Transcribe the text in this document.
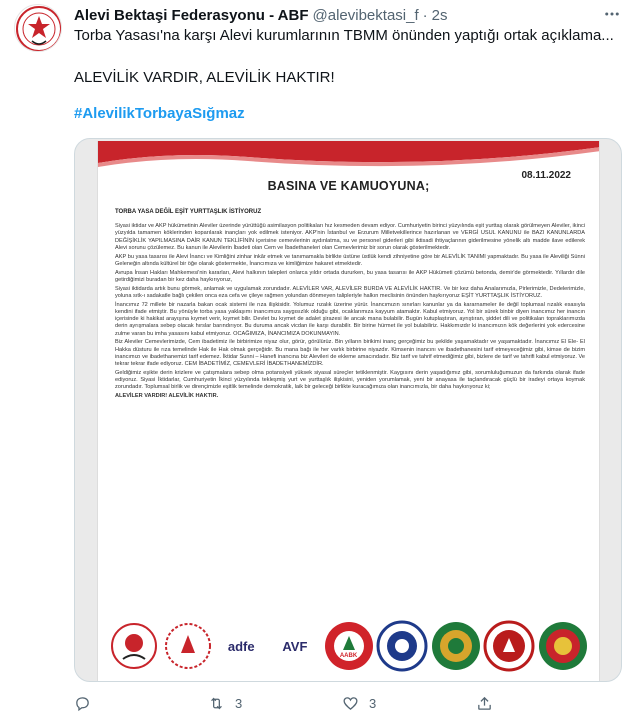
Alevi Bektaşi Federasyonu - ABF @alevibektasi_f · 2s
Torba Yasası'na karşı Alevi kurumlarının TBMM önünden yaptığı ortak açıklama...
ALEVİLİK VARDIR, ALEVİLİK HAKTIR!
#AlevilikTorbayaSığmaz
08.11.2022
BASINA VE KAMUOYUNA;
TORBA YASA DEĞİL EŞİT YURTTAŞLIK İSTİYORUZ

Siyasi iktidar ve AKP hükümetinin Aleviler üzerinde yürüttüğü asimilasyon politikaları hız kesmeden devam ediyor. Cumhuriyetin birinci yüzyılında eşit yurttaş olarak görülmeyen Aleviler, ikinci yüzyılda tamamen köklerinden koparılarak inançları yok edilmek isteniyor. AKP'nin İstanbul ve Erzurum Milletvekillerince hazırlanan ve VERGİ USUL KANUNU ile BAZI KANUNLARDA DEĞİŞİKLİK YAPILMASINA DAİR KANUN TEKLİFİNİN içerisine cemevlerinin aydınlatma, su ve personel giderleri gibi iktisadi ihtiyaçlarının giderilmesine yönelik altı madde ilave edilerek Alevi sorunu çözülemez. Bu kanun ile Alevilerin İbadeti olan Cem ve İbadethaneleri olan Cemevlerimiz bir sorun olarak gösterilmektedir.

AKP bu yasa tasarısı ile Alevi İnancı ve Kimliğini zinhar inkâr etmek ve tanımamakla birlikte üstüne üstlük kendi zihniyetine göre bir ALEVİLİK TANIMI yapmaktadır. Bu yasa ile Aleviliği Sünni Geleneğin altında kültürel bir öğe olarak göstermekte, İnancımıza ve kimliğimize hakaret etmektedir.

Avrupa İnsan Hakları Mahkemesi'nin kararları, Alevi halkının talepleri onlarca yıldır ortada dururken, bu yasa tasarısı ile AKP Hükümeti çözümü betonda, demir'de görmektedir. Yıllardır dile getirdiğimizi buradan bir kez daha haykırıyoruz,

Siyasi iktidarda artık bunu görmek, anlamak ve uygulamak zorundadır. ALEVİLER VAR, ALEVİLER BURDA VE ALEVİLİK HAKTIR. Ve bir kez daha Analarımızla, Pirlerimizle, Dedelerimizle, yoluna sıtk-ı sadakatle bağlı çekilen onca eza cefa ve çileye rağmen yolundan dönmeyen talipleriyle halkın meclisinin önünden haykırıyoruz EŞİT YURTTAŞLIK İSTİYORUZ.

İnancımız 72 millete bir nazarla bakan ocak sistemi ile rıza ilişkisidir. Yolumuz rızalık üzerine yürür. İnancımızın sınırları kanunlar ya da kararnameler ile değil toplumsal rızalık esasıyla kendini ifade etmiştir. Bu yönüyle torba yasa yaklaşımı inancımıza saygısızlık olduğu gibi, ocaklarımıza kayyum atamaktır. Kabul etmiyoruz. Yol bir sürek binbir diyen inancımız her inancın içerisinde ki hakikat arayışına kıymet verir, kıymet bilir. Devlet bu kıymet de adalet şirazesi ile ancak mana bulabilir. Bugün kutuplaştıran, ayrıştıran, şiddet dili ve politikaları topraklarımızda derin ayrışmalara sebep olacak hırslar barındırıyor. Bu duruma ancak vicdan ile karşı durabilir. Bir birine hürmet ile yol bulabiliriz. Hakkımızdır ki inancımızın kök değerlerini yok edercesine zulme varan bu imha yasasını kabul etmiyoruz. OCAĞIMIZA, İNANCIMIZA DOKUNMAYIN.

Biz Aleviler Cemevlerimizde, Cem ibadetimiz ile birbirimize niyaz olur, görür, görülürüz. Bin yılların birikimi inanç gerçeğimiz bu şekilde yaşamaktadır ve yaşamaktadır. İnancımız El Ele- El Hakka düsturu ile rıza temelinde Hak ile Hak olmak gerçeğidir. Bu mana bağı ile her varlık birbirine niyazdır. Kimsenin inancını ve ibadethanesini tarif etmeyeceğimiz gibi, kimse de bizim inancımızı ve ibadethanemizi tarif edemez. İktidar Sunni – Hanefi inancına biz Alevileri de ekleme amacındadır. Biz tarif ve tahrif etmediğimiz gibi, bizlere de tarif ve tahrifi kabul etmiyoruz. Ve tekrar tekrar ifade ediyoruz. CEM İBADETİMİZ, CEMEVLERİ İBADETHANEMİZDİR.

Geldiğimiz eşikte derin krizlere ve çatışmalara sebep olma potansiyeli yüksek siyasal süreçler tetiklenmiştir. Kaygısını derin yaşadığımız gibi, sorumluluğumuzun da farkında olarak ifade ediyoruz. Siyasi İktidarlar, Cumhuriyetin İkinci yüzyılında tekleşmiş yurt ve yurttaşlık ilişkisini, yeniden yorumlamak, yeni bir anayasa ile taçlandıracak güçlü bir iradeyi ortaya koymak zorundadır. Toplumsal birlik ve dirençimizle eşitlik temelinde demokratik, laik bir geleceği birlikte kuracağımıza olan inancımızla, bir daha haykırıyoruz ki;

ALEVİLER VARDIR! ALEVİLİK HAKTIR.

adfe AVF
AABK
3	3
